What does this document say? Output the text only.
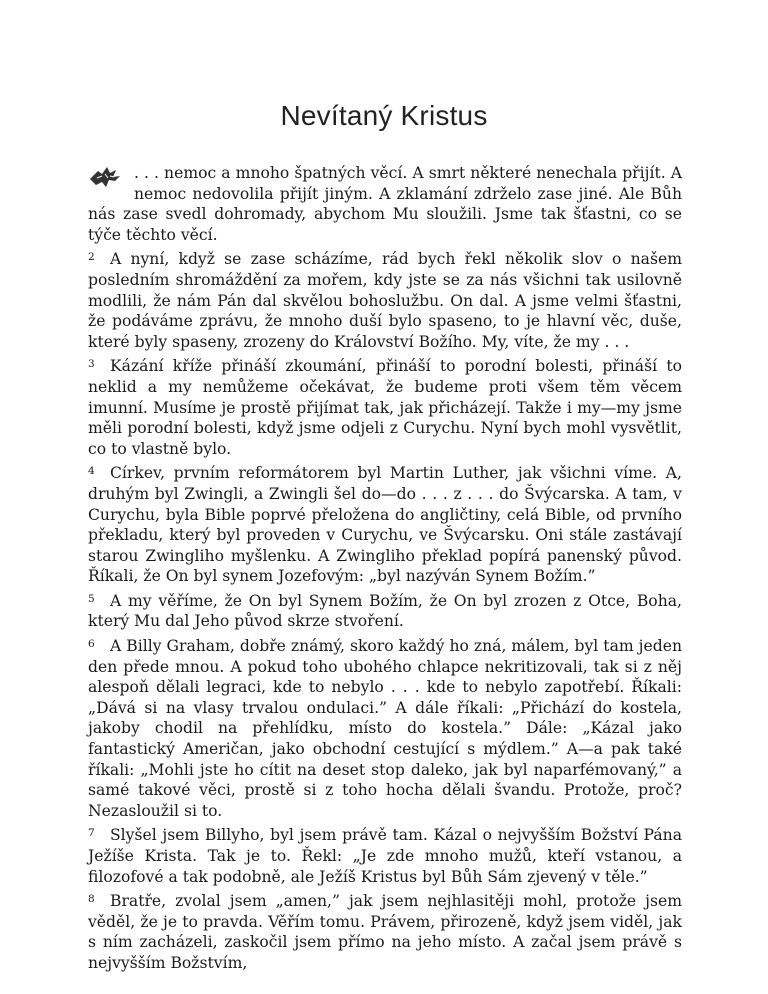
Nevítaný Kristus

. . . nemoc a mnoho špatných věcí. A smrt některé nenechala přijít. A nemoc nedovolila přijít jiným. A zklamání zdrželo zase jiné. Ale Bůh nás zase svedl dohromady, abychom Mu sloužili. Jsme tak šťastni, co se týče těchto věcí.

2 A nyní, když se zase scházíme, rád bych řekl několik slov o našem posledním shromáždění za mořem, kdy jste se za nás všichni tak usilovně modlili, že nám Pán dal skvělou bohoslužbu. On dal. A jsme velmi šťastni, že podáváme zprávu, že mnoho duší bylo spaseno, to je hlavní věc, duše, které byly spaseny, zrozeny do Království Božího. My, víte, že my . . .

3 Kázání kříže přináší zkoumání, přináší to porodní bolesti, přináší to neklid a my nemůžeme očekávat, že budeme proti všem těm věcem imunní. Musíme je prostě přijímat tak, jak přicházejí. Takže i my—my jsme měli porodní bolesti, když jsme odjeli z Curychu. Nyní bych mohl vysvětlit, co to vlastně bylo.

4 Církev, prvním reformátorem byl Martin Luther, jak všichni víme. A, druhým byl Zwingli, a Zwingli šel do—do . . . z . . . do Švýcarska. A tam, v Curychu, byla Bible poprvé přeložena do angličtiny, celá Bible, od prvního překladu, který byl proveden v Curychu, ve Švýcarsku. Oni stále zastávají starou Zwingliho myšlenku. A Zwingliho překlad popírá panenský původ. Říkali, že On byl synem Jozefovým: „byl nazýván Synem Božím.”

5 A my věříme, že On byl Synem Božím, že On byl zrozen z Otce, Boha, který Mu dal Jeho původ skrze stvoření.

6 A Billy Graham, dobře známý, skoro každý ho zná, málem, byl tam jeden den přede mnou. A pokud toho ubohého chlapce nekritizovali, tak si z něj alespoň dělali legraci, kde to nebylo . . . kde to nebylo zapotřebí. Říkali: „Dává si na vlasy trvalou ondulaci.” A dále říkali: „Přichází do kostela, jakoby chodil na přehlídku, místo do kostela.” Dále: „Kázal jako fantastický Američan, jako obchodní cestující s mýdlem.” A—a pak také říkali: „Mohli jste ho cítit na deset stop daleko, jak byl naparfémovaný,” a samé takové věci, prostě si z toho hocha dělali švandu. Protože, proč? Nezasloužil si to.

7 Slyšel jsem Billyho, byl jsem právě tam. Kázal o nejvyšším Božství Pána Ježíše Krista. Tak je to. Řekl: „Je zde mnoho mužů, kteří vstanou, a filozofové a tak podobně, ale Ježíš Kristus byl Bůh Sám zjevený v těle.”

8 Bratře, zvolal jsem „amen,” jak jsem nejhlasitěji mohl, protože jsem věděl, že je to pravda. Věřím tomu. Právem, přirozeně, když jsem viděl, jak s ním zacházeli, zaskočil jsem přímo na jeho místo. A začal jsem právě s nejvyšším Božstvím,
